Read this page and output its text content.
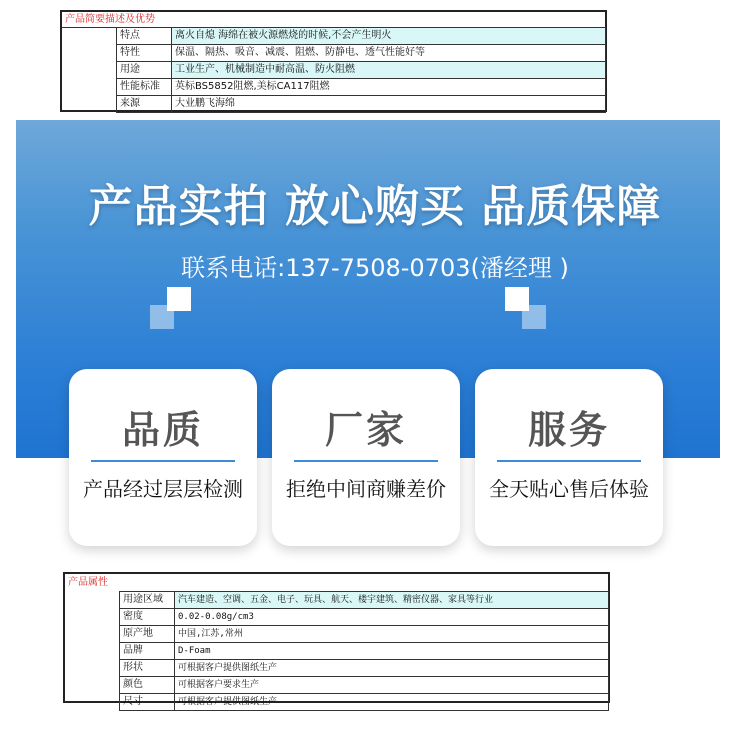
产品简要描述及优势
特点	离火自熄 海绵在被火源燃烧的时候,不会产生明火
特性	保温、隔热、吸音、减震、阻燃、防静电、透气性能好等
用途	工业生产、机械制造中耐高温、防火阻燃
性能标准	英标BS5852阻燃,美标CA117阻燃
来源	大业鹏飞海绵
产品实拍 放心购买 品质保障
联系电话:137-7508-0703(潘经理 )
品质
产品经过层层检测
厂家
拒绝中间商赚差价
服务
全天贴心售后体验
产品属性
用途区域	汽车建造、空调、五金、电子、玩具、航天、楼宇建筑、精密仪器、家具等行业
密度	0.02-0.08g/cm3
原产地	中国,江苏,常州
品牌	D-Foam
形状	可根据客户提供图纸生产
颜色	可根据客户要求生产
尺寸	可根据客户提供图纸生产
